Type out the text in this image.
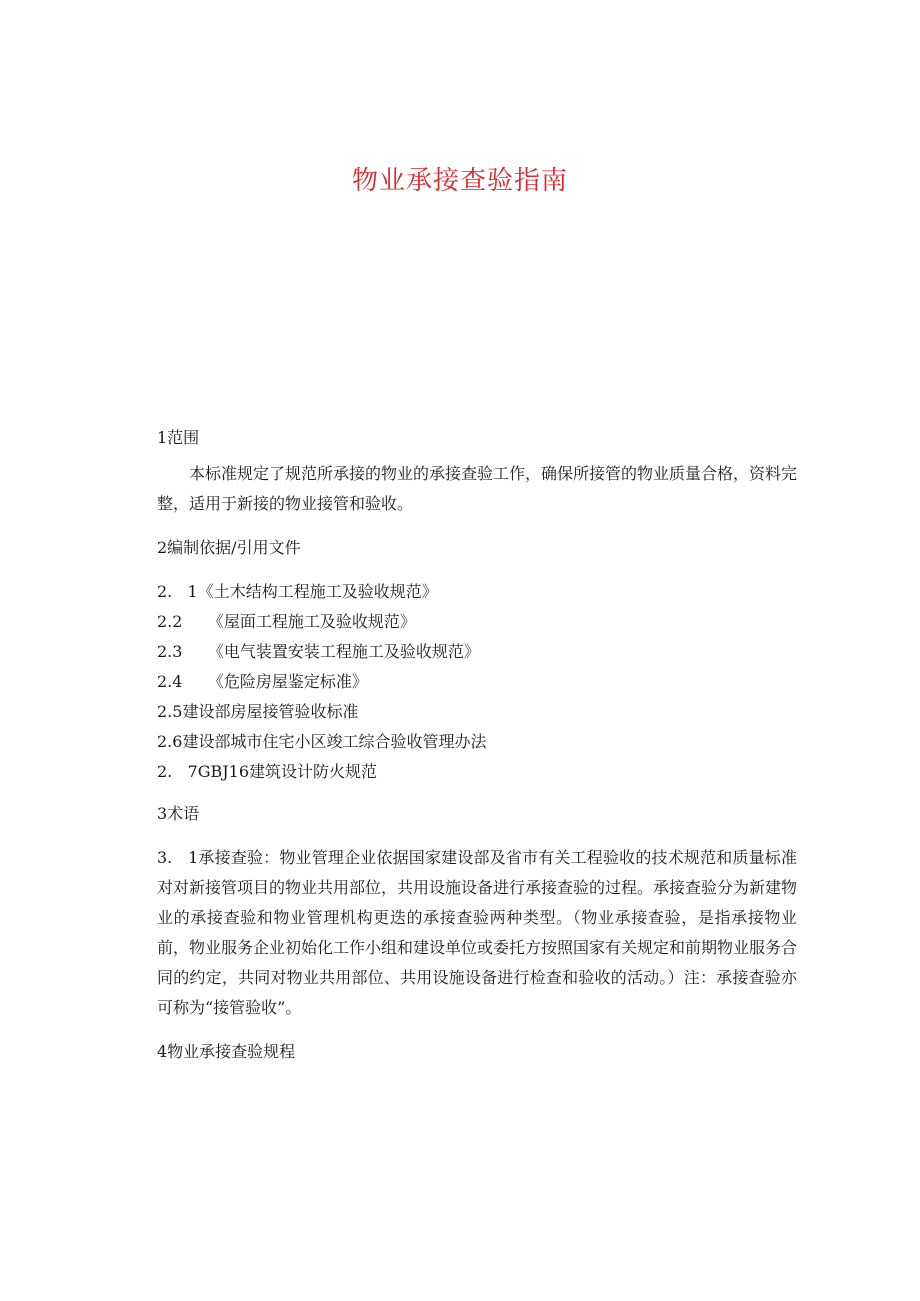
物业承接查验指南

1范围

本标准规定了规范所承接的物业的承接查验工作，确保所接管的物业质量合格，资料完整，适用于新接的物业接管和验收。

2编制依据/引用文件

2.   1《土木结构工程施工及验收规范》
2.2     《屋面工程施工及验收规范》
2.3     《电气装置安装工程施工及验收规范》
2.4     《危险房屋鉴定标准》
2.5建设部房屋接管验收标准
2.6建设部城市住宅小区竣工综合验收管理办法
2.   7GBJ16建筑设计防火规范

3术语

3.   1承接查验：物业管理企业依据国家建设部及省市有关工程验收的技术规范和质量标准对对新接管项目的物业共用部位，共用设施设备进行承接查验的过程。承接查验分为新建物业的承接查验和物业管理机构更迭的承接查验两种类型。（物业承接查验，是指承接物业前，物业服务企业初始化工作小组和建设单位或委托方按照国家有关规定和前期物业服务合同的约定，共同对物业共用部位、共用设施设备进行检查和验收的活动。）注：承接查验亦可称为“接管验收”。

4物业承接查验规程
